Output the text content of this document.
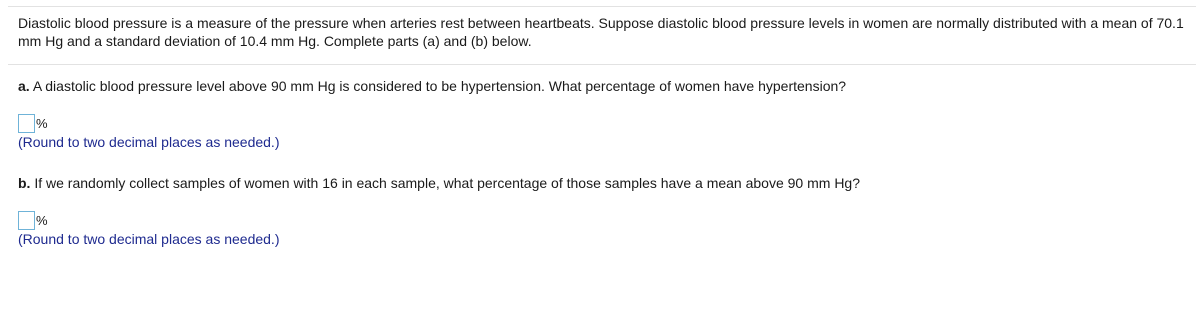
Diastolic blood pressure is a measure of the pressure when arteries rest between heartbeats. Suppose diastolic blood pressure levels in women are normally distributed with a mean of 70.1 mm Hg and a standard deviation of 10.4 mm Hg. Complete parts (a) and (b) below.
a. A diastolic blood pressure level above 90 mm Hg is considered to be hypertension. What percentage of women have hypertension?
%
(Round to two decimal places as needed.)
b. If we randomly collect samples of women with 16 in each sample, what percentage of those samples have a mean above 90 mm Hg?
%
(Round to two decimal places as needed.)
